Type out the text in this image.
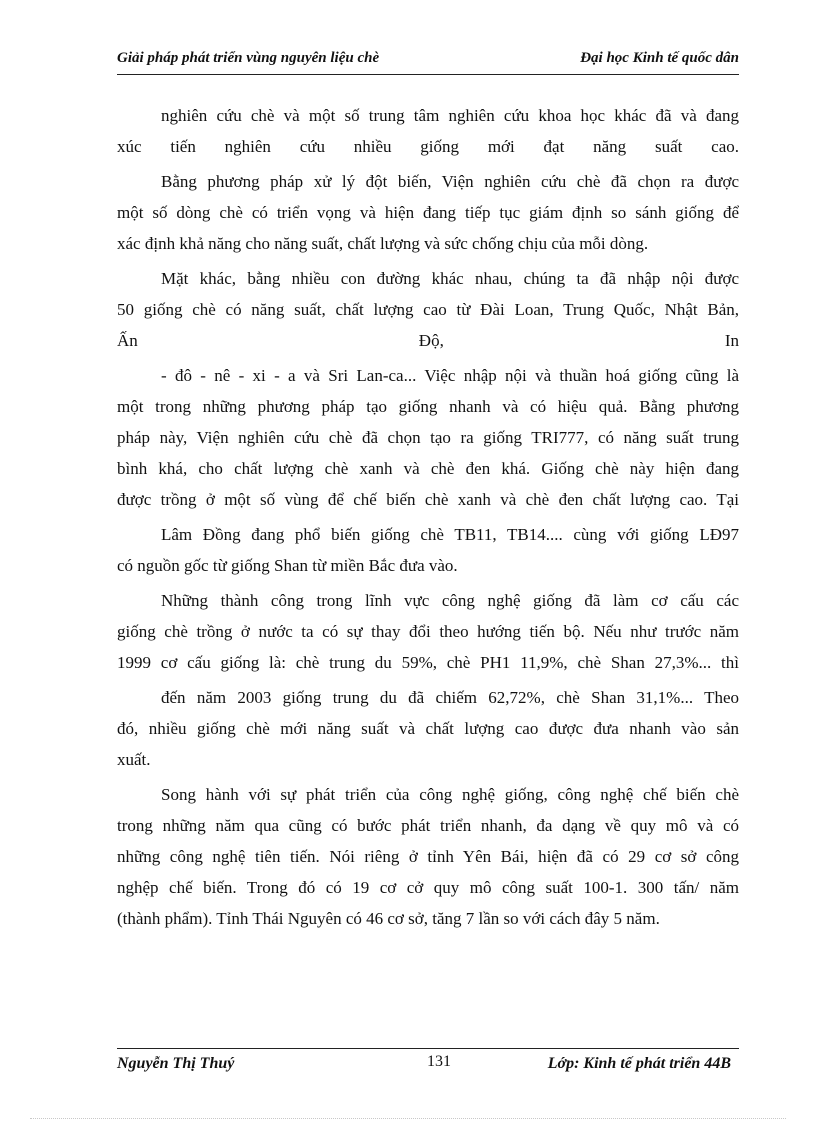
Giải pháp phát triển vùng nguyên liệu chè	Đại học Kinh tế quốc dân

nghiên cứu chè và một số trung tâm nghiên cứu khoa học khác đã và đang

xúc tiến nghiên cứu nhiều giống mới đạt năng suất cao.

Bằng phương pháp xử lý đột biến, Viện nghiên cứu chè đã chọn ra được

một số dòng chè có triển vọng và hiện đang tiếp tục giám định so sánh giống để

xác định khả năng cho năng suất, chất lượng và sức chống chịu của mỗi dòng.

Mặt khác, bằng nhiều con đường khác nhau, chúng ta đã nhập nội được

50 giống chè có năng suất, chất lượng cao từ Đài Loan, Trung Quốc, Nhật Bản,

Ấn Độ, In

- đô - nê - xi - a và Sri Lan-ca... Việc nhập nội và thuần hoá giống cũng là

một trong những phương pháp tạo giống nhanh và có hiệu quả. Bằng phương

pháp này, Viện nghiên cứu chè đã chọn tạo ra giống TRI777, có năng suất trung

bình khá, cho chất lượng chè xanh và chè đen khá. Giống chè này hiện đang

được trồng ở một số vùng để chế biến chè xanh và chè đen chất lượng cao. Tại

Lâm Đồng đang phổ biến giống chè TB11, TB14.... cùng với giống LĐ97

có nguồn gốc từ giống Shan từ miền Bắc đưa vào.

Những thành công trong lĩnh vực công nghệ giống đã làm cơ cấu các

giống chè trồng ở nước ta có sự thay đổi theo hướng tiến bộ. Nếu như trước năm

1999 cơ cấu giống là: chè trung du 59%, chè PH1 11,9%, chè Shan 27,3%... thì

đến năm 2003 giống trung du đã chiếm 62,72%, chè Shan 31,1%... Theo

đó, nhiều giống chè mới năng suất và chất lượng cao được đưa nhanh vào sản

xuất.

Song hành với sự phát triển của công nghệ giống, công nghệ chế biến chè

trong những năm qua cũng có bước phát triển nhanh, đa dạng về quy mô và có

những công nghệ tiên tiến. Nói riêng ở tỉnh Yên Bái, hiện đã có 29 cơ sở công

nghệp chế biến. Trong đó có 19 cơ cở quy mô công suất 100-1. 300 tấn/ năm

(thành phẩm). Tỉnh Thái Nguyên có 46 cơ sở, tăng 7 lần so với cách đây 5 năm.

Nguyễn Thị Thuý	131	Lớp: Kinh tế phát triển 44B
